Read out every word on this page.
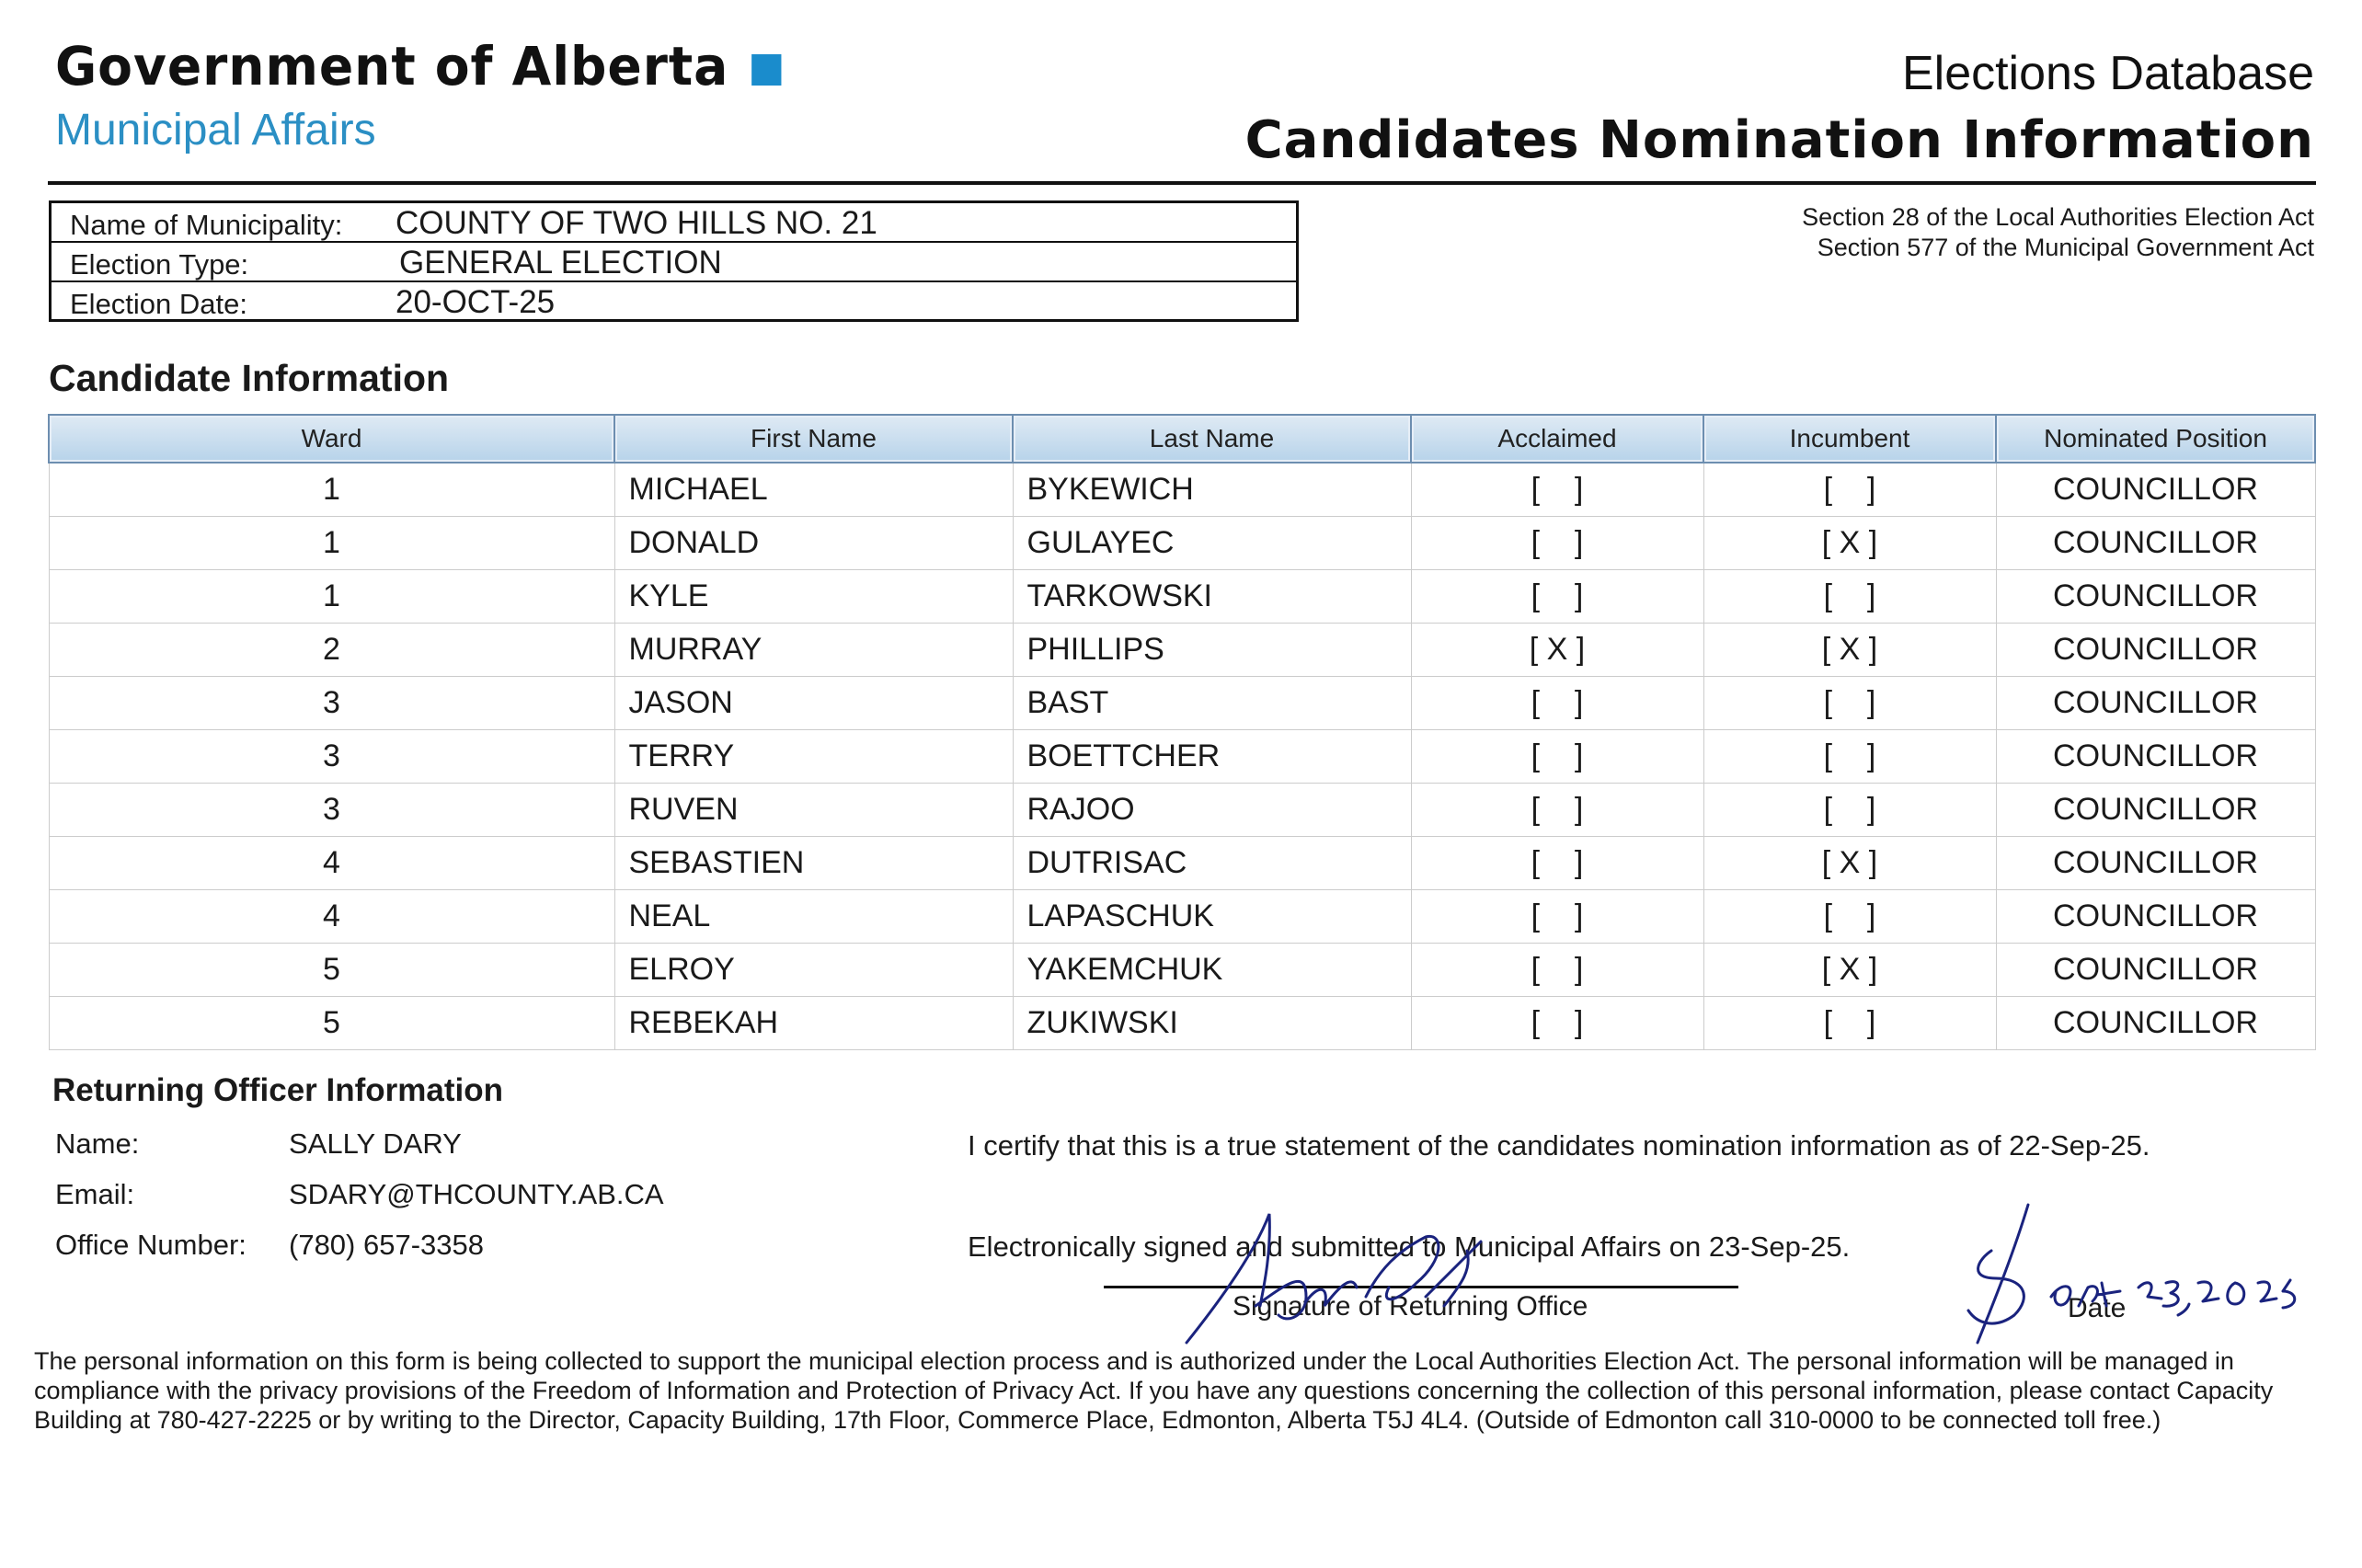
Government of Alberta
Municipal Affairs
Elections Database
Candidates Nomination Information
Name of Municipality: COUNTY OF TWO HILLS NO. 21
Election Type:	GENERAL ELECTION
Election Date:	20-OCT-25
Section 28 of the Local Authorities Election Act
Section 577 of the Municipal Government Act
Candidate Information
Ward	First Name	Last Name	Acclaimed	Incumbent	Nominated Position
1	MICHAEL	BYKEWICH	[    ]	[    ]	COUNCILLOR
1	DONALD	GULAYEC	[    ]	[ X ]	COUNCILLOR
1	KYLE	TARKOWSKI	[    ]	[    ]	COUNCILLOR
2	MURRAY	PHILLIPS	[ X ]	[ X ]	COUNCILLOR
3	JASON	BAST	[    ]	[    ]	COUNCILLOR
3	TERRY	BOETTCHER	[    ]	[    ]	COUNCILLOR
3	RUVEN	RAJOO	[    ]	[    ]	COUNCILLOR
4	SEBASTIEN	DUTRISAC	[    ]	[ X ]	COUNCILLOR
4	NEAL	LAPASCHUK	[    ]	[    ]	COUNCILLOR
5	ELROY	YAKEMCHUK	[    ]	[ X ]	COUNCILLOR
5	REBEKAH	ZUKIWSKI	[    ]	[    ]	COUNCILLOR
Returning Officer Information
Name:	SALLY DARY
Email:	SDARY@THCOUNTY.AB.CA
Office Number: (780) 657-3358
I certify that this is a true statement of the candidates nomination information as of 22-Sep-25.
Electronically signed and submitted to Municipal Affairs on 23-Sep-25.
Signature of Returning Office	Date
The personal information on this form is being collected to support the municipal election process and is authorized under the Local Authorities Election Act. The personal information will be managed in compliance with the privacy provisions of the Freedom of Information and Protection of Privacy Act. If you have any questions concerning the collection of this personal information, please contact Capacity Building at 780-427-2225 or by writing to the Director, Capacity Building, 17th Floor, Commerce Place, Edmonton, Alberta T5J 4L4. (Outside of Edmonton call 310-0000 to be connected toll free.)
